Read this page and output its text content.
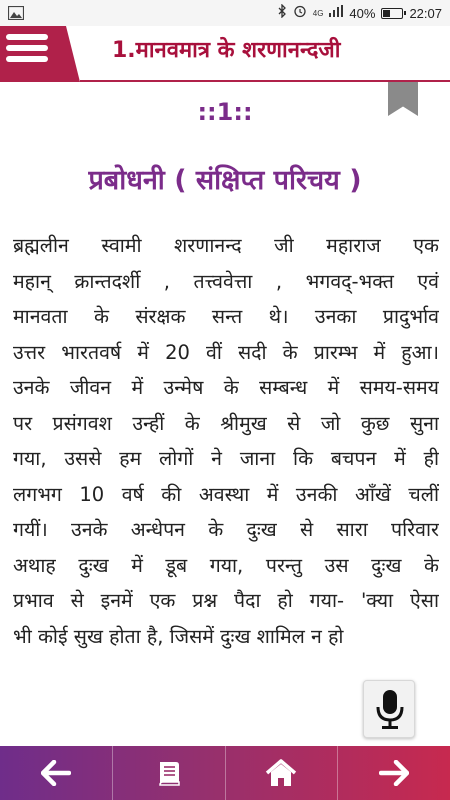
4G 40%	22:07
1.मानवमात्र के शरणानन्दजी
::1::
प्रबोधनी ( संक्षिप्त परिचय )
ब्रह्मलीन स्वामी शरणानन्द जी महाराज एक
महान् क्रान्तदर्शी , तत्त्ववेत्ता , भगवद्-भक्त एवं
मानवता के संरक्षक सन्त थे। उनका प्रादुर्भाव
उत्तर भारतवर्ष में 20 वीं सदी के प्रारम्भ में हुआ।
उनके जीवन में उन्मेष के सम्बन्ध में समय-समय
पर प्रसंगवश उन्हीं के श्रीमुख से जो कुछ सुना
गया, उससे हम लोगों ने जाना कि बचपन में ही
लगभग 10 वर्ष की अवस्था में उनकी आँखें चलीं
गयीं। उनके अन्धेपन के दुःख से सारा परिवार
अथाह दुःख में डूब गया, परन्तु उस दुःख के
प्रभाव से इनमें एक प्रश्न पैदा हो गया- 'क्या ऐसा
भी कोई सुख होता है, जिसमें दुःख शामिल न हो
